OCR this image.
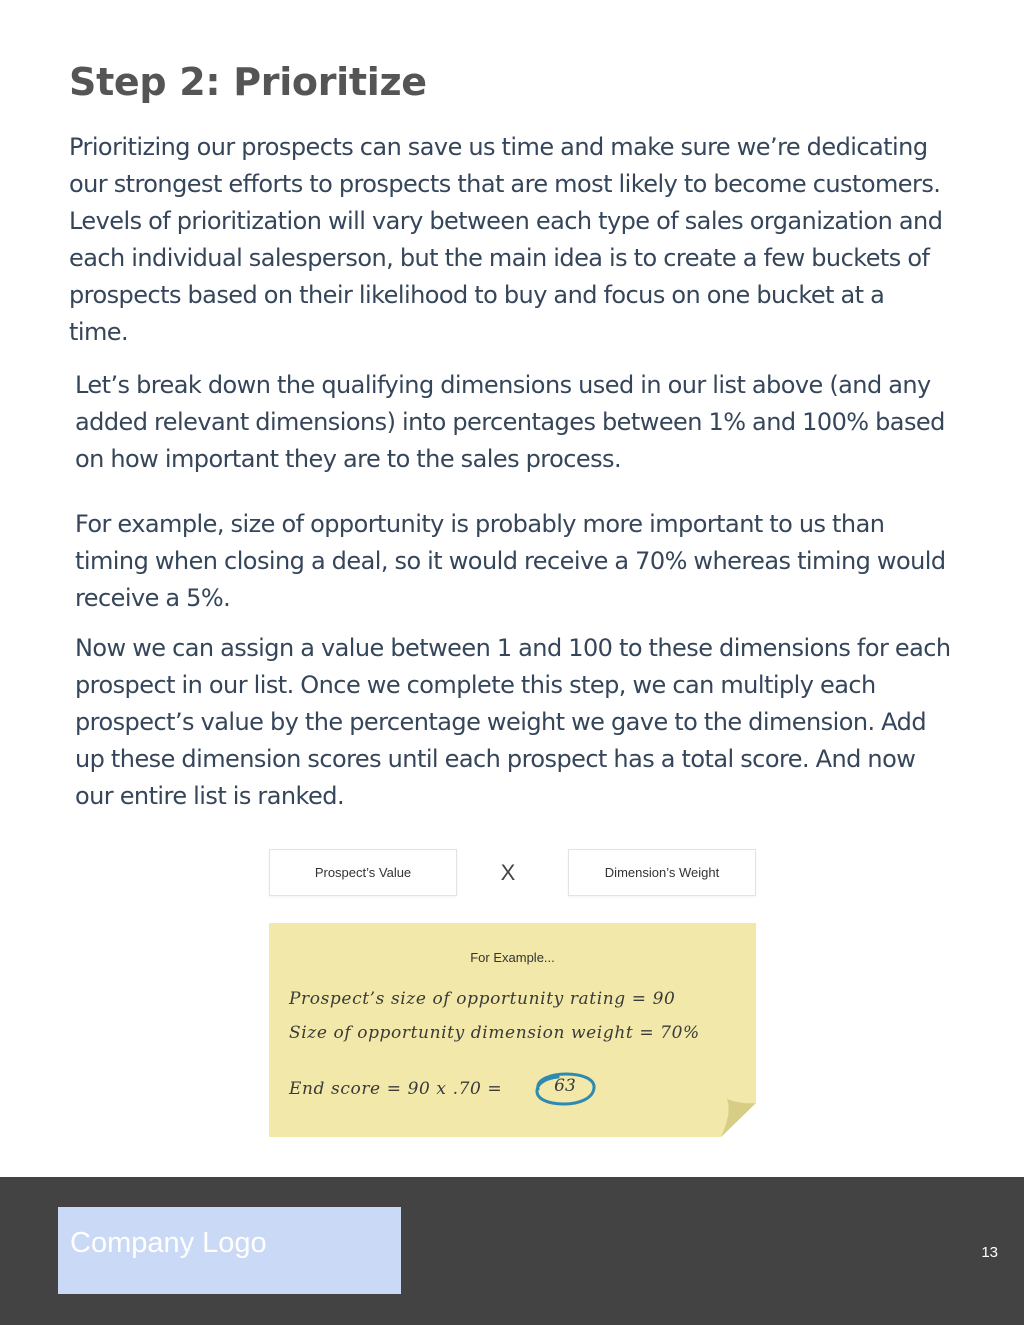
Step 2: Prioritize

Prioritizing our prospects can save us time and make sure we’re dedicating our strongest efforts to prospects that are most likely to become customers. Levels of prioritization will vary between each type of sales organization and each individual salesperson, but the main idea is to create a few buckets of prospects based on their likelihood to buy and focus on one bucket at a time.

Let’s break down the qualifying dimensions used in our list above (and any added relevant dimensions) into percentages between 1% and 100% based on how important they are to the sales process.

For example, size of opportunity is probably more important to us than timing when closing a deal, so it would receive a 70% whereas timing would receive a 5%.

Now we can assign a value between 1 and 100 to these dimensions for each prospect in our list. Once we complete this step, we can multiply each prospect’s value by the percentage weight we gave to the dimension. Add up these dimension scores until each prospect has a total score. And now our entire list is ranked.

Prospect’s Value	X	Dimension’s Weight
For Example...
Prospect’s size of opportunity rating = 90
Size of opportunity dimension weight = 70%
End score = 90 x .70 =	63
Company Logo	13
